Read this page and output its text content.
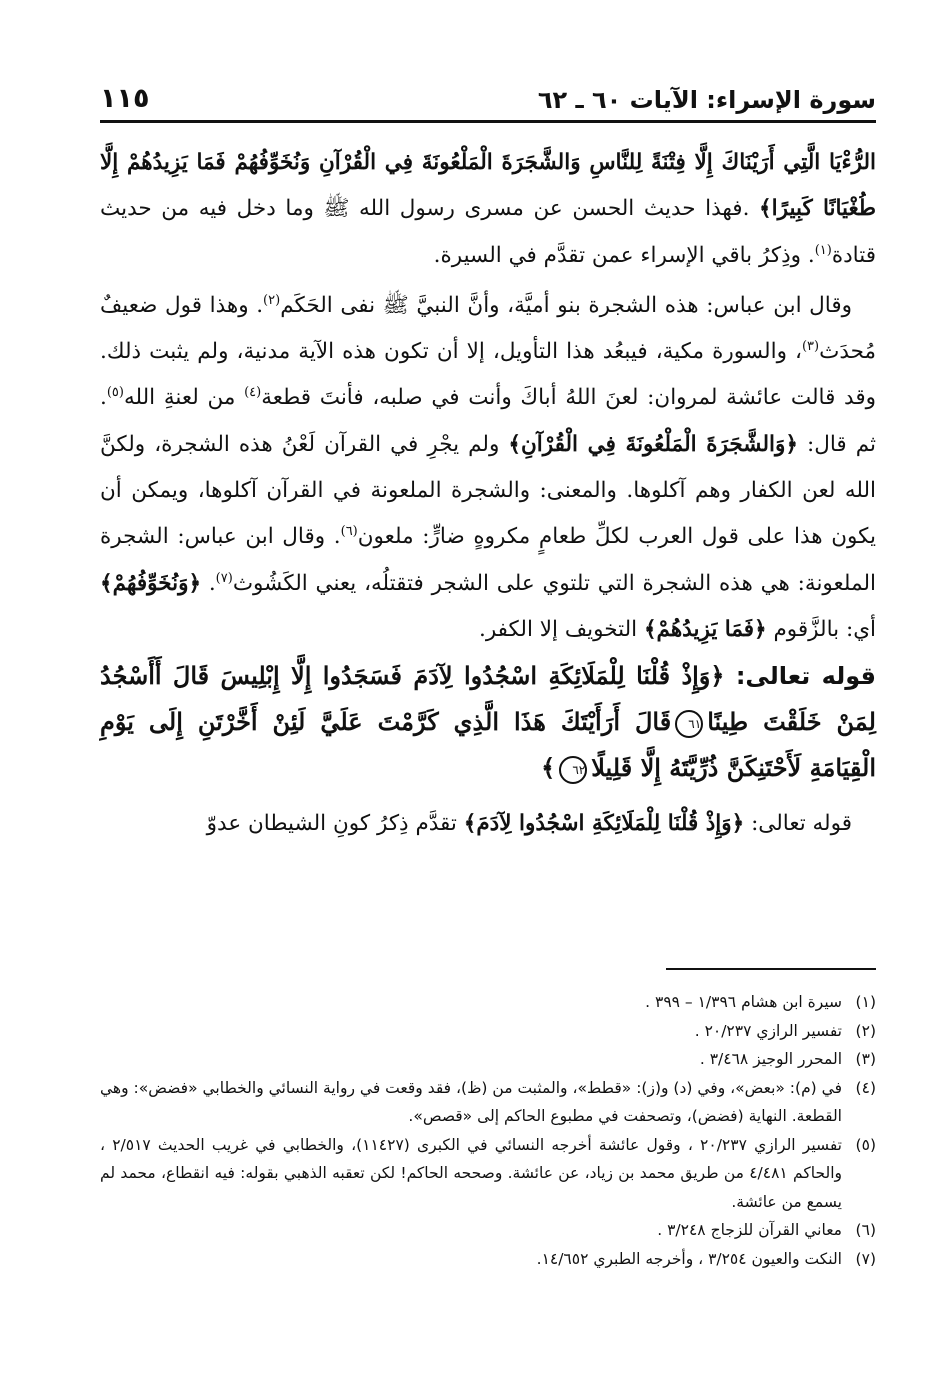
سورة الإسراء: الآيات ٦٠ ـ ٦٢
١١٥

الرُّءْيَا الَّتِي أَرَيْنَاكَ إِلَّا فِتْنَةً لِلنَّاسِ وَالشَّجَرَةَ الْمَلْعُونَةَ فِي الْقُرْآنِ وَنُخَوِّفُهُمْ فَمَا يَزِيدُهُمْ إِلَّا طُغْيَانًا كَبِيرًا﴾ .فهذا حديث الحسن عن مسرى رسول الله ﷺ وما دخل فيه من حديث قتادة$^{(١)}$. وذِكرُ باقي الإسراء عمن تقدَّم في السيرة.

وقال ابن عباس: هذه الشجرة بنو أميَّة، وأنَّ النبيَّ ﷺ نفى الحَكَم$^{(٢)}$. وهذا قول ضعيفٌ مُحدَث$^{(٣)}$، والسورة مكية، فيبعُد هذا التأويل، إلا أن تكون هذه الآية مدنية، ولم يثبت ذلك. وقد قالت عائشة لمروان: لعنَ اللهُ أباكَ وأنت في صلبه، فأنتَ قطعة$^{(٤)}$ من لعنةِ الله$^{(٥)}$. ثم قال: ﴿وَالشَّجَرَةَ الْمَلْعُونَةَ فِي الْقُرْآنِ﴾ ولم يجْرِ في القرآن لَعْنُ هذه الشجرة، ولكنَّ الله لعن الكفار وهم آكلوها. والمعنى: والشجرة الملعونة في القرآن آكلوها، ويمكن أن يكون هذا على قول العرب لكلِّ طعامٍ مكروهٍ ضارٍّ: ملعون$^{(٦)}$. وقال ابن عباس: الشجرة الملعونة: هي هذه الشجرة التي تلتوي على الشجر فتقتلُه، يعني الكَشُوث$^{(٧)}$. ﴿وَنُخَوِّفُهُمْ﴾ أي: بالزَّقوم ﴿فَمَا يَزِيدُهُمْ﴾ التخويف إلا الكفر.

قوله تعالى: ﴿وَإِذْ قُلْنَا لِلْمَلَائِكَةِ اسْجُدُوا لِآدَمَ فَسَجَدُوا إِلَّا إِبْلِيسَ قَالَ أَأَسْجُدُ لِمَنْ خَلَقْتَ طِينًا٦١قَالَ أَرَأَيْتَكَ هَذَا الَّذِي كَرَّمْتَ عَلَيَّ لَئِنْ أَخَّرْتَنِ إِلَى يَوْمِ الْقِيَامَةِ لَأَحْتَنِكَنَّ ذُرِّيَّتَهُ إِلَّا قَلِيلًا٦٢﴾

قوله تعالى: ﴿وَإِذْ قُلْنَا لِلْمَلَائِكَةِ اسْجُدُوا لِآدَمَ﴾ تقدَّم ذِكرُ كونِ الشيطان عدوّ

(١)
سيرة ابن هشام ١/٣٩٦ – ٣٩٩ .
(٢)
تفسير الرازي ٢٠/٢٣٧ .
(٣)
المحرر الوجيز ٣/٤٦٨ .
(٤)
في (م): «بعض»، وفي (د) و(ز): «قطط»، والمثبت من (ظ)، فقد وقعت في رواية النسائي والخطابي «فضض»: وهي القطعة. النهاية (فضض)، وتصحفت في مطبوع الحاكم إلى «قصص».
(٥)
تفسير الرازي ٢٠/٢٣٧ ، وقول عائشة أخرجه النسائي في الكبرى (١١٤٢٧)، والخطابي في غريب الحديث ٢/٥١٧ ، والحاكم ٤/٤٨١ من طريق محمد بن زياد، عن عائشة. وصححه الحاكم! لكن تعقبه الذهبي بقوله: فيه انقطاع، محمد لم يسمع من عائشة.
(٦)
معاني القرآن للزجاج ٣/٢٤٨ .
(٧)
النكت والعيون ٣/٢٥٤ ، وأخرجه الطبري ١٤/٦٥٢.
